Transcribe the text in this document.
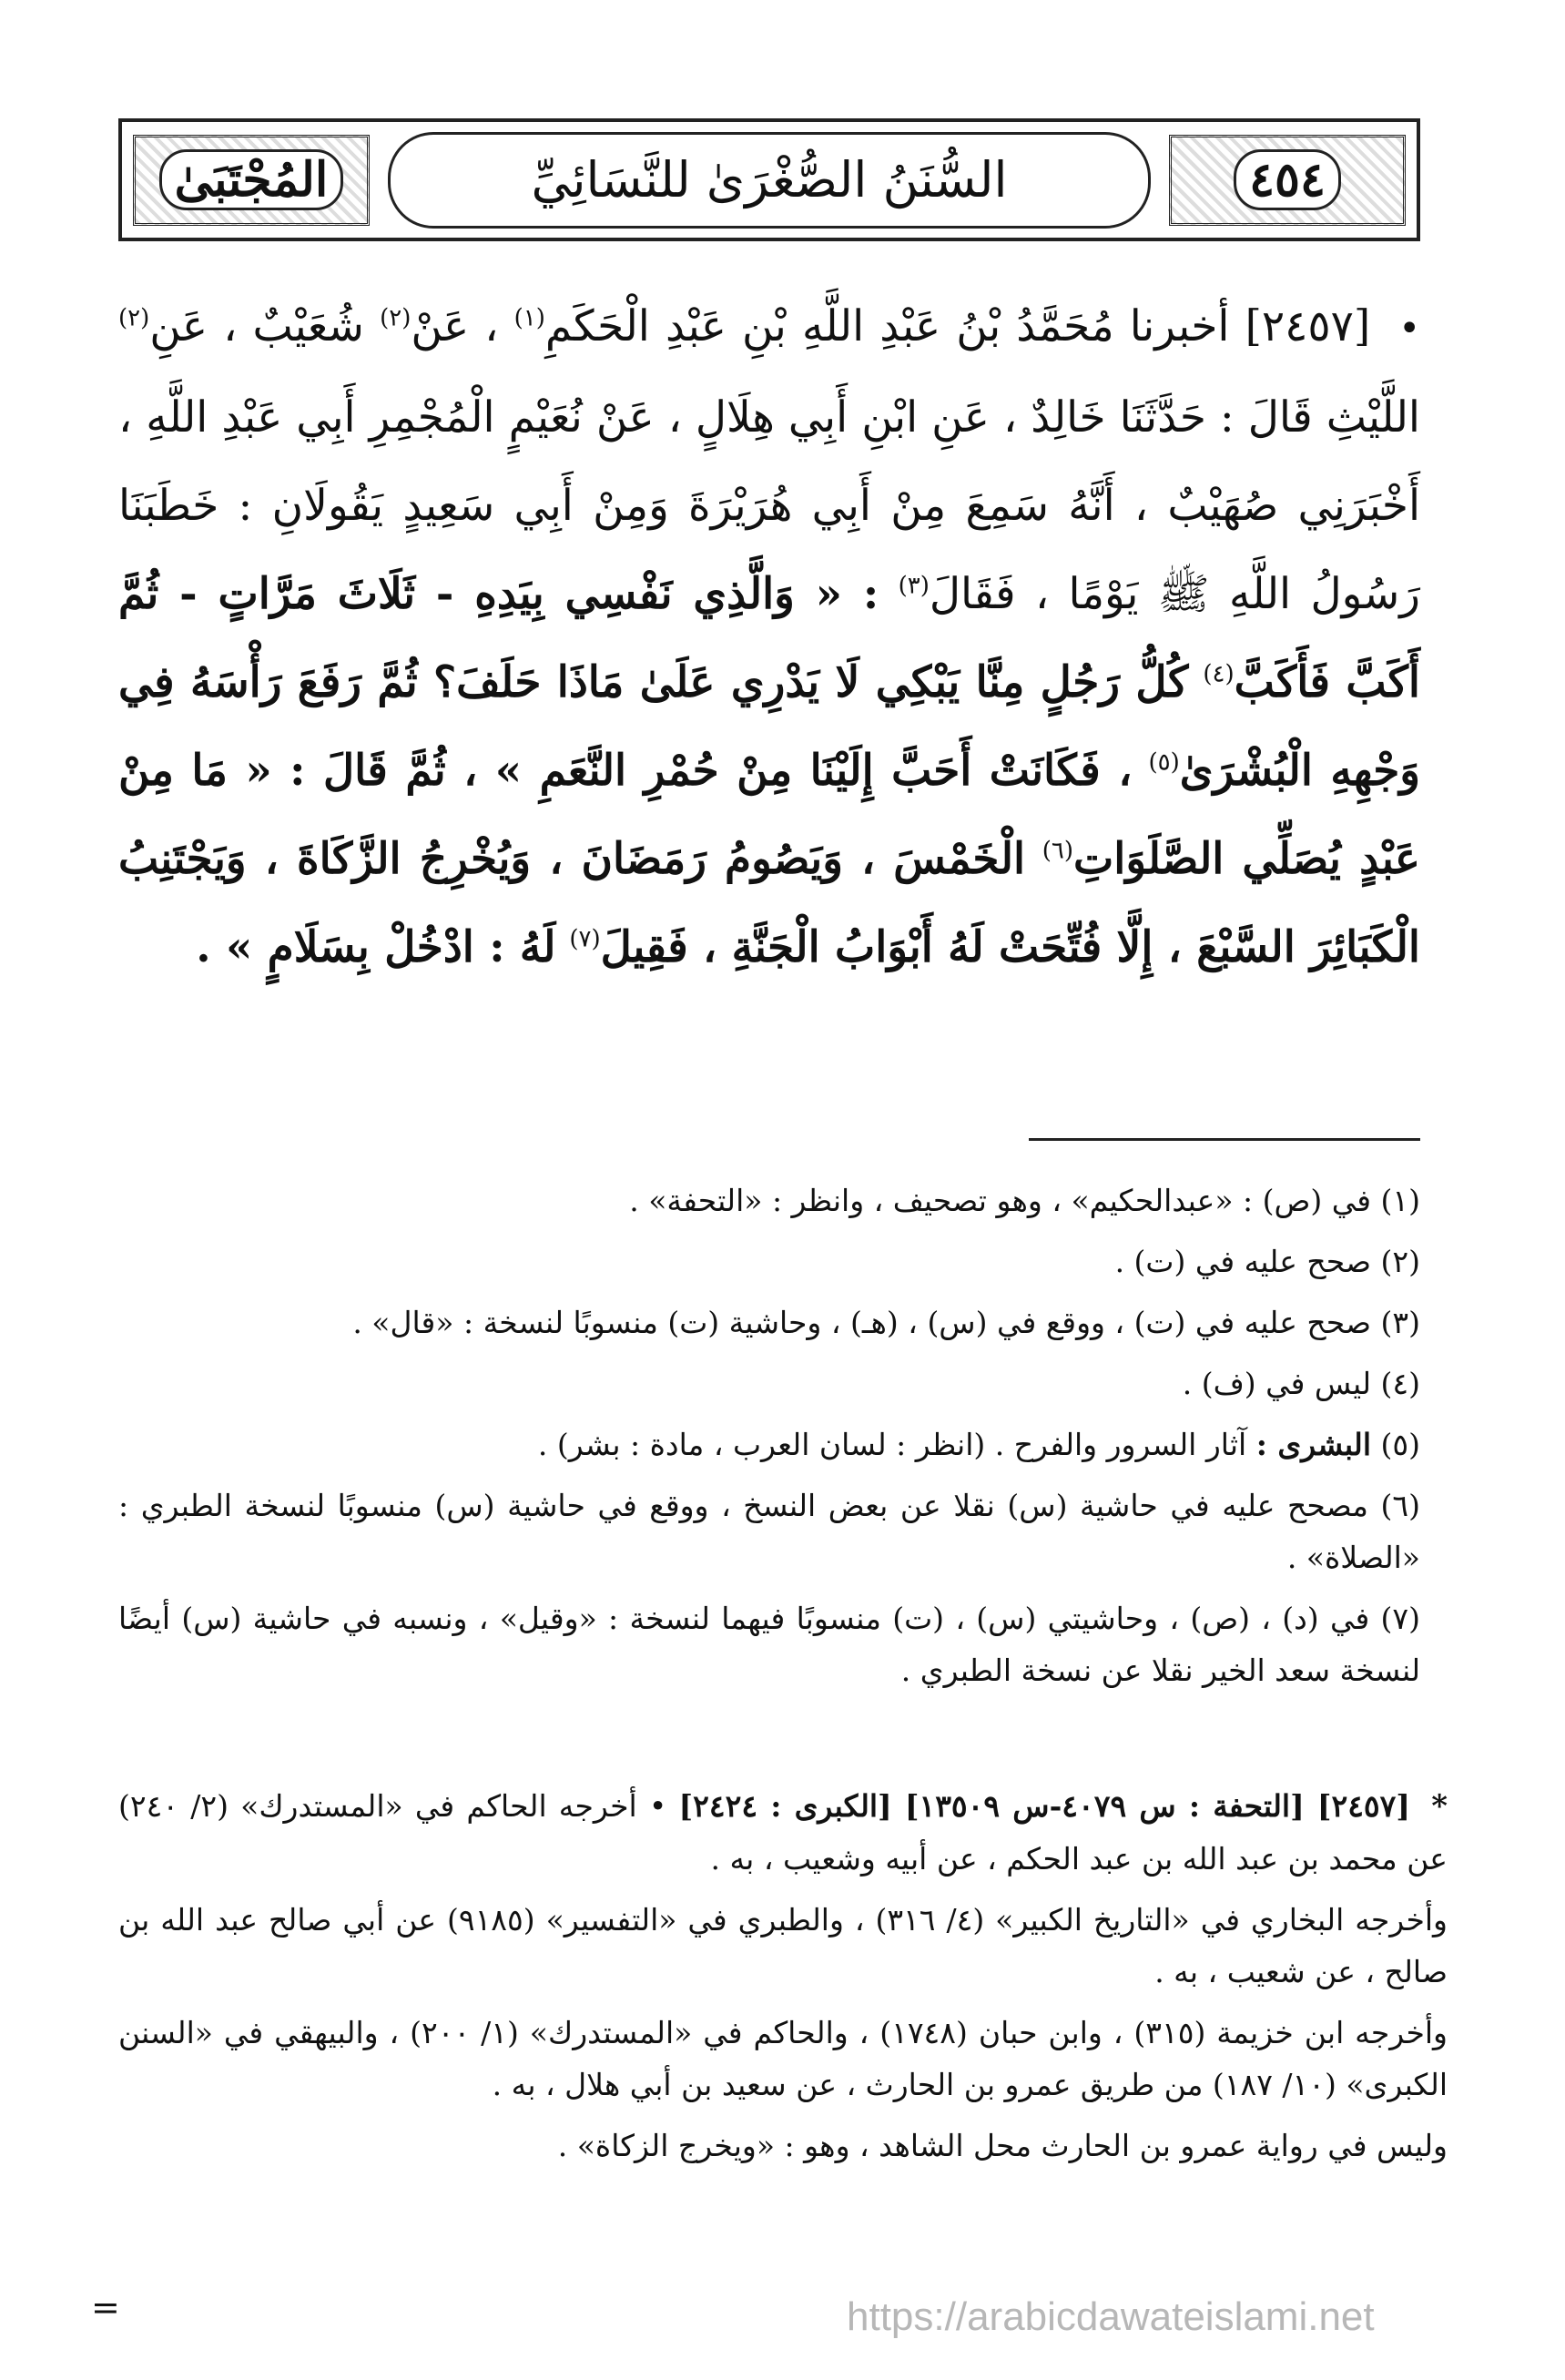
المُجْتَبَىٰ	السُّنَنُ الصُّغْرَىٰ للنَّسَائِيِّ	٤٥٤

• [٢٤٥٧] أخبرنا مُحَمَّدُ بْنُ عَبْدِ اللَّهِ بْنِ عَبْدِ الْحَكَمِ$^{(١)}$ ، عَنْ$^{(٢)}$ شُعَيْبٌ ، عَنِ$^{(٢)}$ اللَّيْثِ قَالَ : حَدَّثَنَا خَالِدٌ ، عَنِ ابْنِ أَبِي هِلَالٍ ، عَنْ نُعَيْمٍ الْمُجْمِرِ أَبِي عَبْدِ اللَّهِ ، أَخْبَرَنِي صُهَيْبٌ ، أَنَّهُ سَمِعَ مِنْ أَبِي هُرَيْرَةَ وَمِنْ أَبِي سَعِيدٍ يَقُولَانِ : خَطَبَنَا رَسُولُ اللَّهِ ﷺ يَوْمًا ، فَقَالَ$^{(٣)}$ : « وَالَّذِي نَفْسِي بِيَدِهِ - ثَلَاثَ مَرَّاتٍ - ثُمَّ أَكَبَّ فَأَكَبَّ$^{(٤)}$ كُلُّ رَجُلٍ مِنَّا يَبْكِي لَا يَدْرِي عَلَىٰ مَاذَا حَلَفَ؟ ثُمَّ رَفَعَ رَأْسَهُ فِي وَجْهِهِ الْبُشْرَىٰ$^{(٥)}$ ، فَكَانَتْ أَحَبَّ إِلَيْنَا مِنْ حُمْرِ النَّعَمِ » ، ثُمَّ قَالَ : « مَا مِنْ عَبْدٍ يُصَلِّي الصَّلَوَاتِ$^{(٦)}$ الْخَمْسَ ، وَيَصُومُ رَمَضَانَ ، وَيُخْرِجُ الزَّكَاةَ ، وَيَجْتَنِبُ الْكَبَائِرَ السَّبْعَ ، إِلَّا فُتِّحَتْ لَهُ أَبْوَابُ الْجَنَّةِ ، فَقِيلَ$^{(٧)}$ لَهُ : ادْخُلْ بِسَلَامٍ » .

(١) في (ص) : «عبدالحكيم» ، وهو تصحيف ، وانظر : «التحفة» .

(٢) صحح عليه في (ت) .

(٣) صحح عليه في (ت) ، ووقع في (س) ، (هـ) ، وحاشية (ت) منسوبًا لنسخة : «قال» .

(٤) ليس في (ف) .

(٥) البشرى : آثار السرور والفرح . (انظر : لسان العرب ، مادة : بشر) .

(٦) مصحح عليه في حاشية (س) نقلا عن بعض النسخ ، ووقع في حاشية (س) منسوبًا لنسخة الطبري : «الصلاة» .

(٧) في (د) ، (ص) ، وحاشيتي (س) ، (ت) منسوبًا فيهما لنسخة : «وقيل» ، ونسبه في حاشية (س) أيضًا لنسخة سعد الخير نقلا عن نسخة الطبري .

* [٢٤٥٧] [التحفة : س ٤٠٧٩-س ١٣٥٠٩] [الكبرى : ٢٤٢٤] • أخرجه الحاكم في «المستدرك» (٢/ ٢٤٠) عن محمد بن عبد الله بن عبد الحكم ، عن أبيه وشعيب ، به .

وأخرجه البخاري في «التاريخ الكبير» (٤/ ٣١٦) ، والطبري في «التفسير» (٩١٨٥) عن أبي صالح عبد الله بن صالح ، عن شعيب ، به .

وأخرجه ابن خزيمة (٣١٥) ، وابن حبان (١٧٤٨) ، والحاكم في «المستدرك» (١/ ٢٠٠) ، والبيهقي في «السنن الكبرى» (١٠/ ١٨٧) من طريق عمرو بن الحارث ، عن سعيد بن أبي هلال ، به .

وليس في رواية عمرو بن الحارث محل الشاهد ، وهو : «ويخرج الزكاة» .

=	https://arabicdawateislami.net
